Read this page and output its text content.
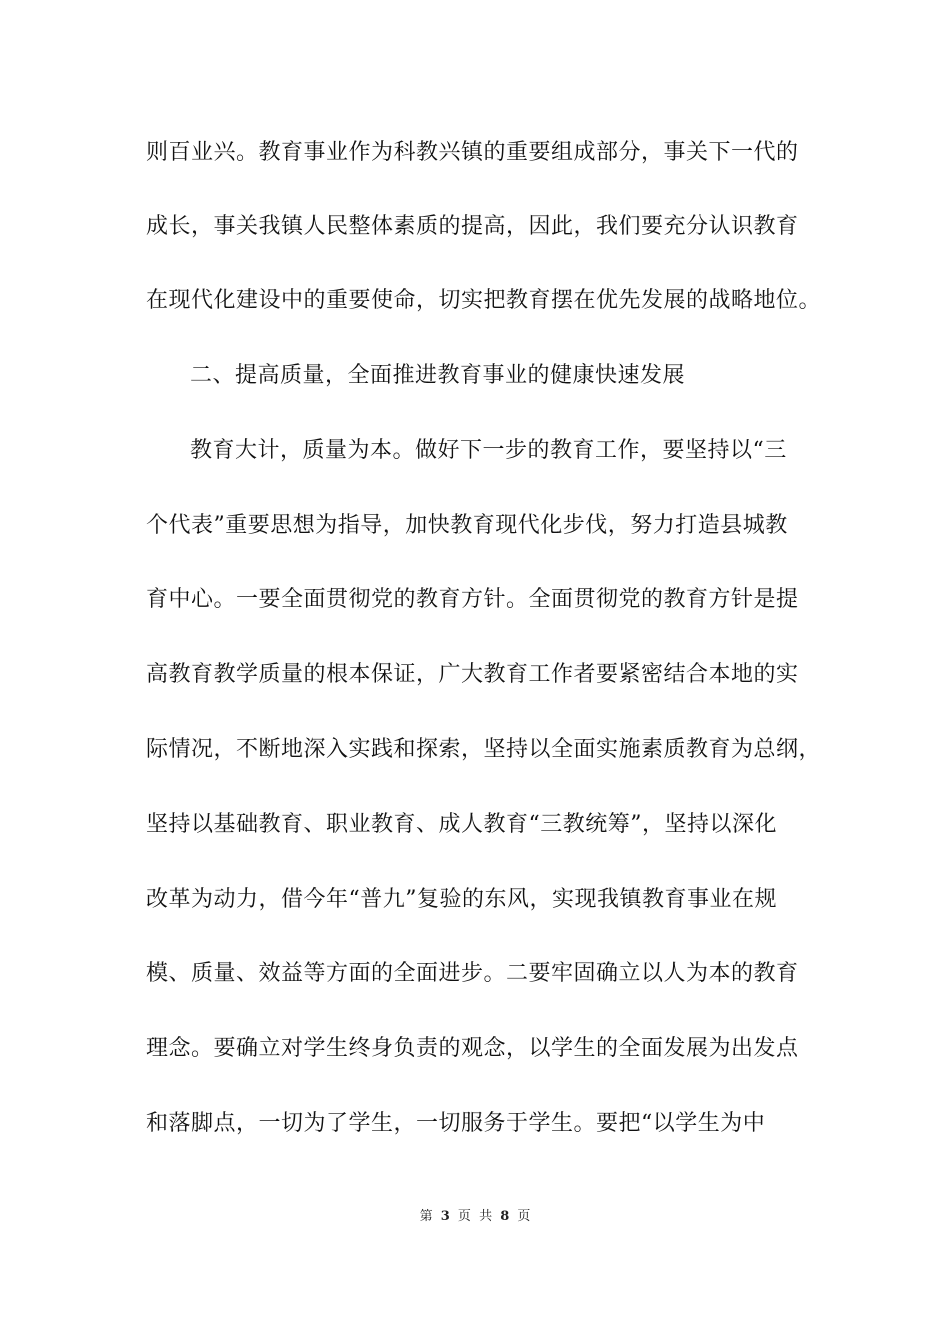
则百业兴。教育事业作为科教兴镇的重要组成部分，事关下一代的
成长，事关我镇人民整体素质的提高，因此，我们要充分认识教育
在现代化建设中的重要使命，切实把教育摆在优先发展的战略地位。
二、提高质量，全面推进教育事业的健康快速发展
教育大计，质量为本。做好下一步的教育工作，要坚持以“三
个代表”重要思想为指导，加快教育现代化步伐，努力打造县城教
育中心。一要全面贯彻党的教育方针。全面贯彻党的教育方针是提
高教育教学质量的根本保证，广大教育工作者要紧密结合本地的实
际情况，不断地深入实践和探索，坚持以全面实施素质教育为总纲，
坚持以基础教育、职业教育、成人教育“三教统筹”，坚持以深化
改革为动力，借今年“普九”复验的东风，实现我镇教育事业在规
模、质量、效益等方面的全面进步。二要牢固确立以人为本的教育
理念。要确立对学生终身负责的观念，以学生的全面发展为出发点
和落脚点，一切为了学生，一切服务于学生。要把“以学生为中
第 3 页 共 8 页
